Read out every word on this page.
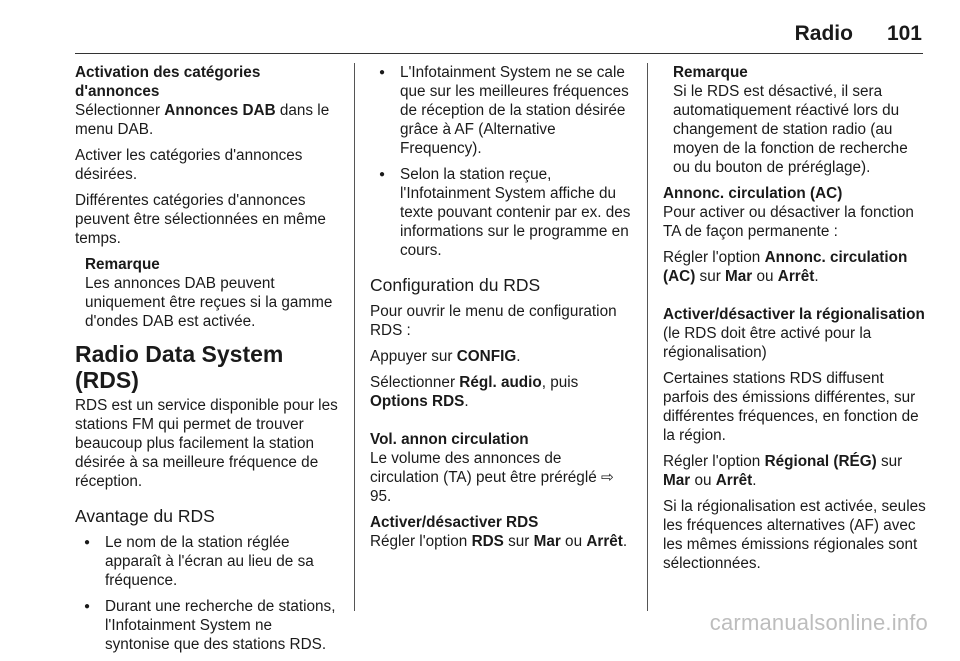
Radio 101

Activation des catégories d'annonces

Sélectionner Annonces DAB dans le menu DAB.

Activer les catégories d'annonces désirées.

Différentes catégories d'annonces peuvent être sélectionnées en même temps.

Remarque
Les annonces DAB peuvent uniquement être reçues si la gamme d'ondes DAB est activée.
Radio Data System (RDS)

RDS est un service disponible pour les stations FM qui permet de trouver beaucoup plus facilement la station désirée à sa meilleure fréquence de réception.

Avantage du RDS
● Le nom de la station réglée apparaît à l'écran au lieu de sa fréquence.
● Durant une recherche de stations, l'Infotainment System ne syntonise que des stations RDS.
● L'Infotainment System ne se cale que sur les meilleures fréquences de réception de la station désirée grâce à AF (Alternative Frequency).
● Selon la station reçue, l'Infotainment System affiche du texte pouvant contenir par ex. des informations sur le programme en cours.
Configuration du RDS

Pour ouvrir le menu de configuration RDS :

Appuyer sur CONFIG.

Sélectionner Régl. audio, puis
Options RDS.

Vol. annon circulation

Le volume des annonces de circulation (TA) peut être préréglé ⇨ 95.

Activer/désactiver RDS

Régler l'option RDS sur Mar ou Arrêt.

Remarque
Si le RDS est désactivé, il sera automatiquement réactivé lors du changement de station radio (au moyen de la fonction de recherche ou du bouton de préréglage).

Annonc. circulation (AC)

Pour activer ou désactiver la fonction TA de façon permanente :

Régler l'option Annonc. circulation (AC) sur Mar ou Arrêt.

Activer/désactiver la régionalisation

(le RDS doit être activé pour la régionalisation)

Certaines stations RDS diffusent parfois des émissions différentes, sur différentes fréquences, en fonction de la région.

Régler l'option Régional (RÉG) sur
Mar ou Arrêt.

Si la régionalisation est activée, seules les fréquences alternatives (AF) avec les mêmes émissions régionales sont sélectionnées.

carmanualsonline.info
